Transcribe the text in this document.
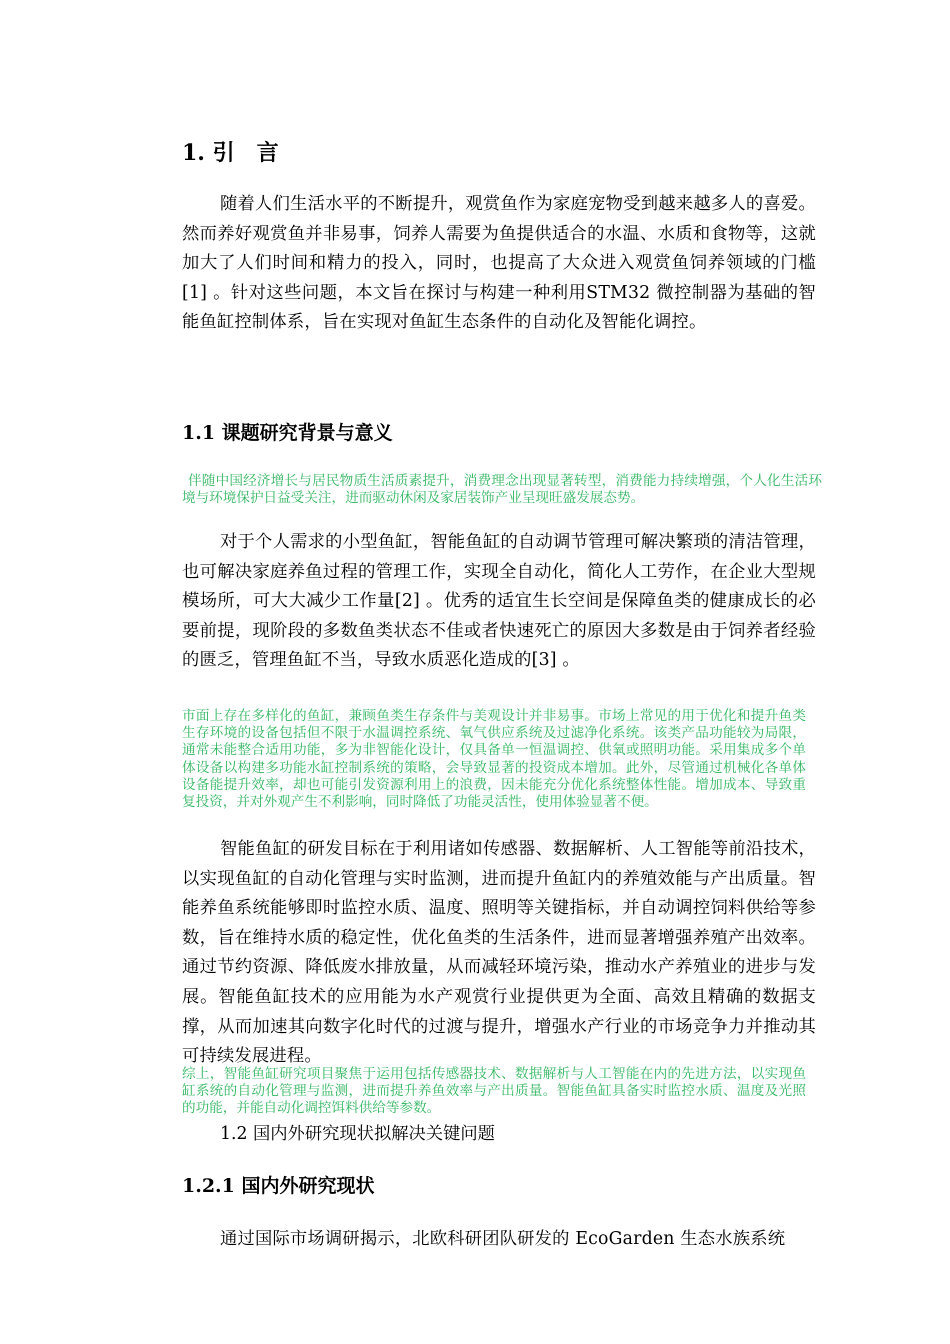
1. 引　言
随着人们生活水平的不断提升，观赏鱼作为家庭宠物受到越来越多人的喜爱。然而养好观赏鱼并非易事，饲养人需要为鱼提供适合的水温、水质和食物等，这就加大了人们时间和精力的投入，同时，也提高了大众进入观赏鱼饲养领域的门槛[1] 。针对这些问题，本文旨在探讨与构建一种利用STM32 微控制器为基础的智能鱼缸控制体系，旨在实现对鱼缸生态条件的自动化及智能化调控。
1.1 课题研究背景与意义
伴随中国经济增长与居民物质生活质素提升，消费理念出现显著转型，消费能力持续增强，个人化生活环境与环境保护日益受关注，进而驱动休闲及家居装饰产业呈现旺盛发展态势。
对于个人需求的小型鱼缸，智能鱼缸的自动调节管理可解决繁琐的清洁管理，也可解决家庭养鱼过程的管理工作，实现全自动化，简化人工劳作，在企业大型规模场所，可大大减少工作量[2] 。优秀的适宜生长空间是保障鱼类的健康成长的必要前提，现阶段的多数鱼类状态不佳或者快速死亡的原因大多数是由于饲养者经验的匮乏，管理鱼缸不当，导致水质恶化造成的[3] 。
市面上存在多样化的鱼缸，兼顾鱼类生存条件与美观设计并非易事。市场上常见的用于优化和提升鱼类生存环境的设备包括但不限于水温调控系统、氧气供应系统及过滤净化系统。该类产品功能较为局限，通常未能整合适用功能，多为非智能化设计，仅具备单一恒温调控、供氧或照明功能。采用集成多个单体设备以构建多功能水缸控制系统的策略，会导致显著的投资成本增加。此外，尽管通过机械化各单体设备能提升效率，却也可能引发资源利用上的浪费，因未能充分优化系统整体性能。增加成本、导致重复投资，并对外观产生不利影响，同时降低了功能灵活性，使用体验显著不便。
智能鱼缸的研发目标在于利用诸如传感器、数据解析、人工智能等前沿技术，以实现鱼缸的自动化管理与实时监测，进而提升鱼缸内的养殖效能与产出质量。智能养鱼系统能够即时监控水质、温度、照明等关键指标，并自动调控饲料供给等参数，旨在维持水质的稳定性，优化鱼类的生活条件，进而显著增强养殖产出效率。通过节约资源、降低废水排放量，从而减轻环境污染，推动水产养殖业的进步与发展。智能鱼缸技术的应用能为水产观赏行业提供更为全面、高效且精确的数据支撑，从而加速其向数字化时代的过渡与提升，增强水产行业的市场竞争力并推动其可持续发展进程。
综上，智能鱼缸研究项目聚焦于运用包括传感器技术、数据解析与人工智能在内的先进方法，以实现鱼缸系统的自动化管理与监测，进而提升养鱼效率与产出质量。智能鱼缸具备实时监控水质、温度及光照的功能，并能自动化调控饵料供给等参数。
1.2 国内外研究现状拟解决关键问题
1.2.1 国内外研究现状
通过国际市场调研揭示，北欧科研团队研发的 EcoGarden 生态水族系统
